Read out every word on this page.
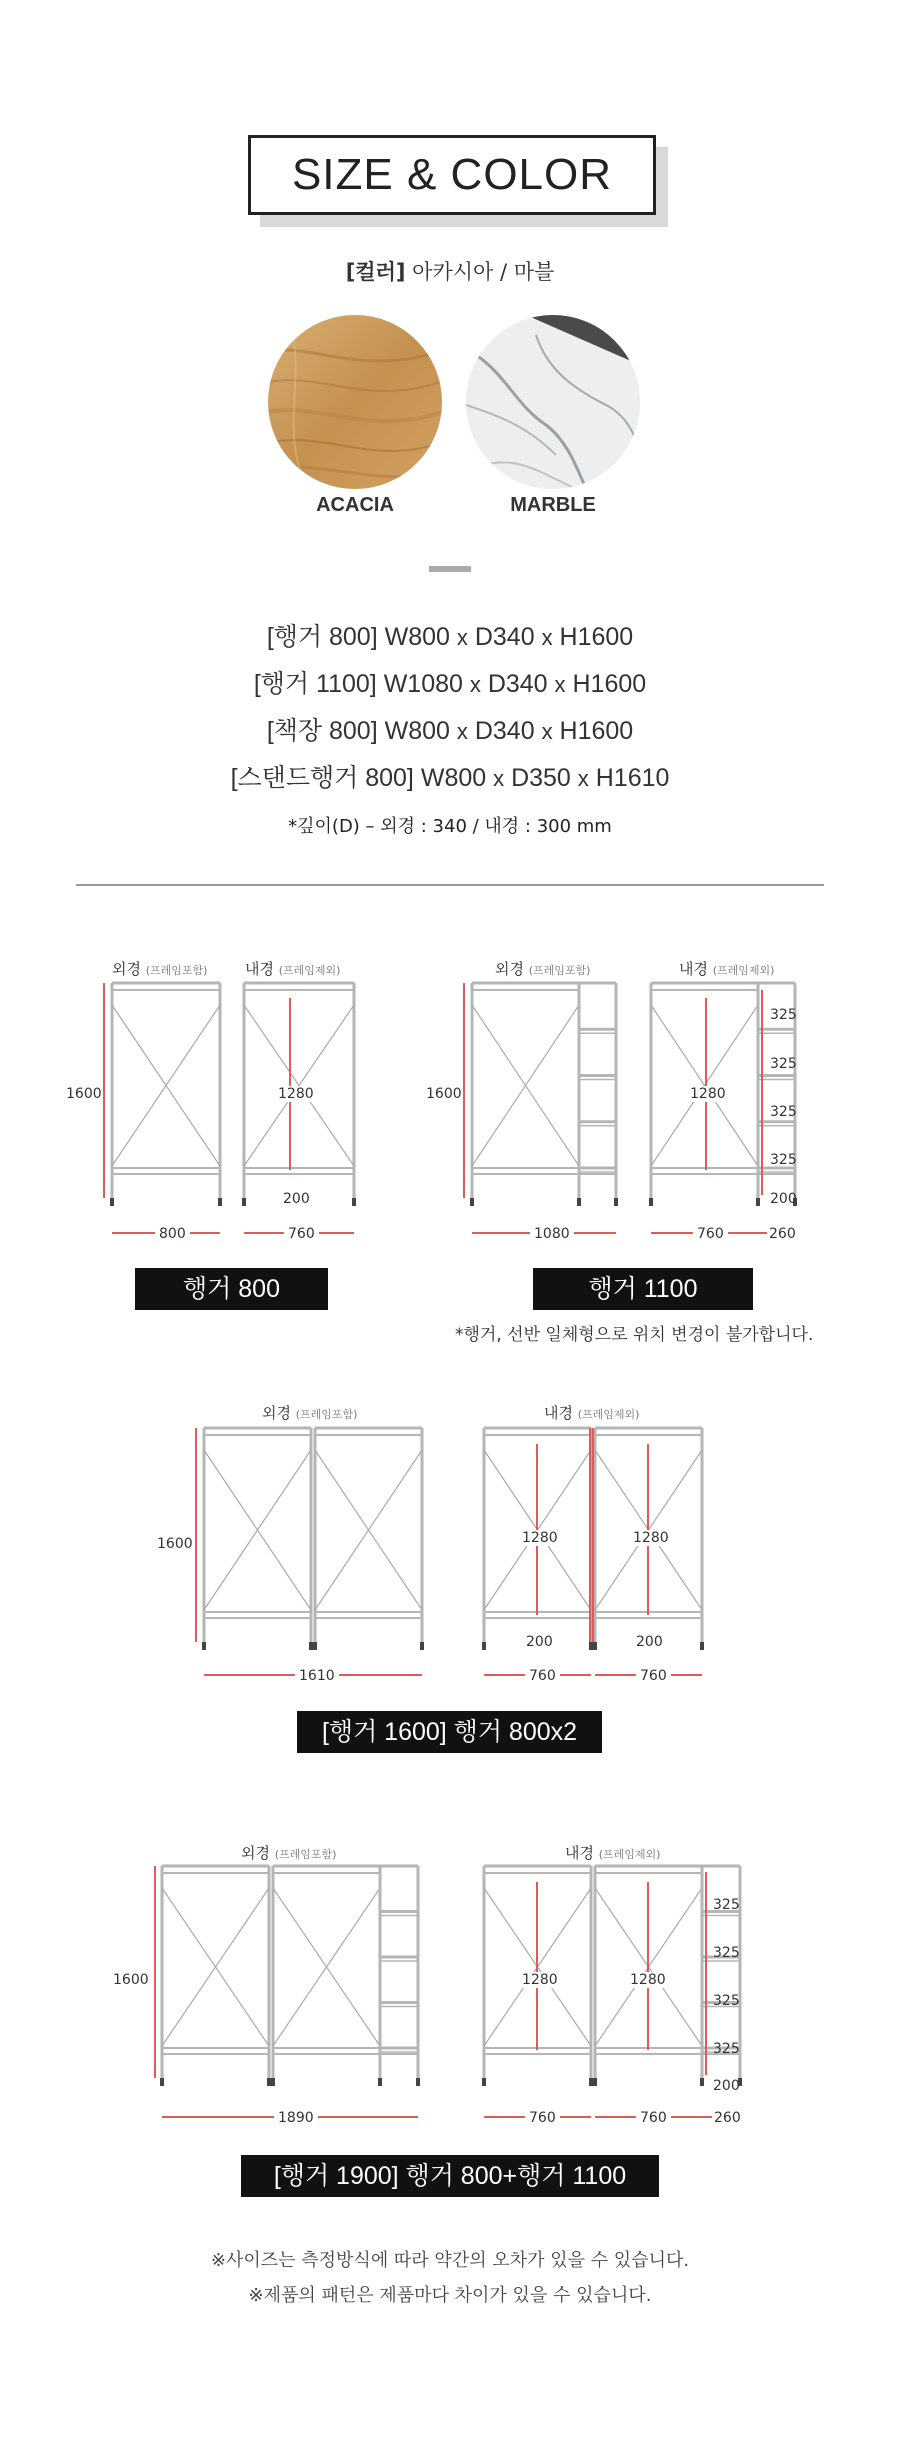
SIZE & COLOR
[컬러] 아카시아 / 마블
ACACIA	MARBLE
[행거 800] W800 x D340 x H1600
[행거 1100] W1080 x D340 x H1600
[책장 800] W800 x D340 x H1600
[스탠드행거 800] W800 x D350 x H1610
*깊이(D) – 외경 : 340 / 내경 : 300 mm
외경 (프레임포함)	내경 (프레임제외)
1600	1280
200
800	760
행거 800
외경 (프레임포함)	내경 (프레임제외)
1600	1280
325
325
325
325
200
1080	760	260
행거 1100
*행거, 선반 일체형으로 위치 변경이 불가합니다.
외경 (프레임포함)	내경 (프레임제외)
1600	1280	1280
200	200
1610	760	760
[행거 1600] 행거 800x2
외경 (프레임포함)	내경 (프레임제외)
1600	1280	1280
325
325
325
325
200
1890	760	760	260
[행거 1900] 행거 800+행거 1100
※사이즈는 측정방식에 따라 약간의 오차가 있을 수 있습니다.
※제품의 패턴은 제품마다 차이가 있을 수 있습니다.
